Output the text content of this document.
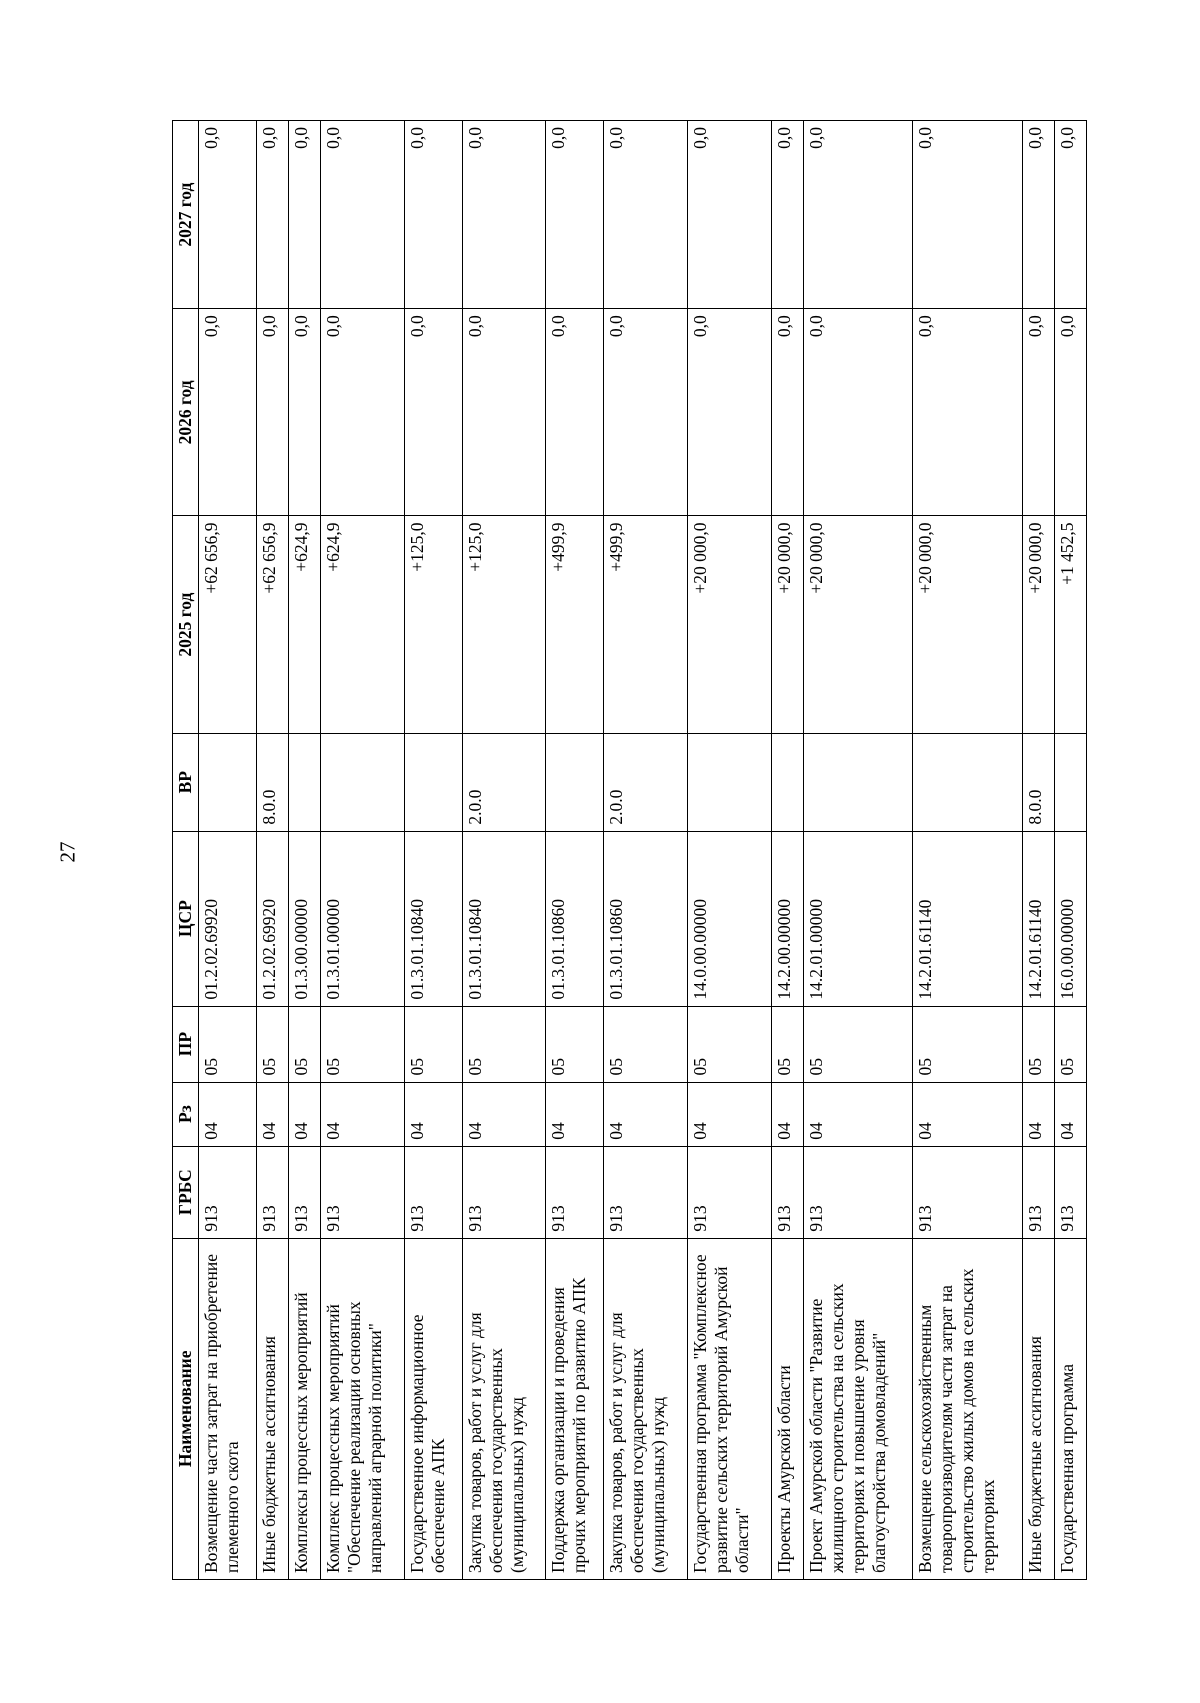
27
Наименование	ГРБС	Рз	ПР	ЦСР	ВР	2025 год	2026 год	2027 год
Возмещение части затрат на приобретение племенного скота	913	04	05	01.2.02.69920		+62 656,9	0,0	0,0
Иные бюджетные ассигнования	913	04	05	01.2.02.69920	8.0.0	+62 656,9	0,0	0,0
Комплексы процессных мероприятий	913	04	05	01.3.00.00000		+624,9	0,0	0,0
Комплекс процессных мероприятий "Обеспечение реализации основных направлений аграрной политики"	913	04	05	01.3.01.00000		+624,9	0,0	0,0
Государственное информационное обеспечение АПК	913	04	05	01.3.01.10840		+125,0	0,0	0,0
Закупка товаров, работ и услуг для обеспечения государственных (муниципальных) нужд	913	04	05	01.3.01.10840	2.0.0	+125,0	0,0	0,0
Поддержка организации и проведения прочих мероприятий по развитию АПК	913	04	05	01.3.01.10860		+499,9	0,0	0,0
Закупка товаров, работ и услуг для обеспечения государственных (муниципальных) нужд	913	04	05	01.3.01.10860	2.0.0	+499,9	0,0	0,0
Государственная программа "Комплексное развитие сельских территорий Амурской области"	913	04	05	14.0.00.00000		+20 000,0	0,0	0,0
Проекты Амурской области	913	04	05	14.2.00.00000		+20 000,0	0,0	0,0
Проект Амурской области "Развитие жилищного строительства на сельских территориях и повышение уровня благоустройства домовладений"	913	04	05	14.2.01.00000		+20 000,0	0,0	0,0
Возмещение сельскохозяйственным товаропроизводителям части затрат на строительство жилых домов на сельских территориях	913	04	05	14.2.01.61140		+20 000,0	0,0	0,0
Иные бюджетные ассигнования	913	04	05	14.2.01.61140	8.0.0	+20 000,0	0,0	0,0
Государственная программа	913	04	05	16.0.00.00000		+1 452,5	0,0	0,0
